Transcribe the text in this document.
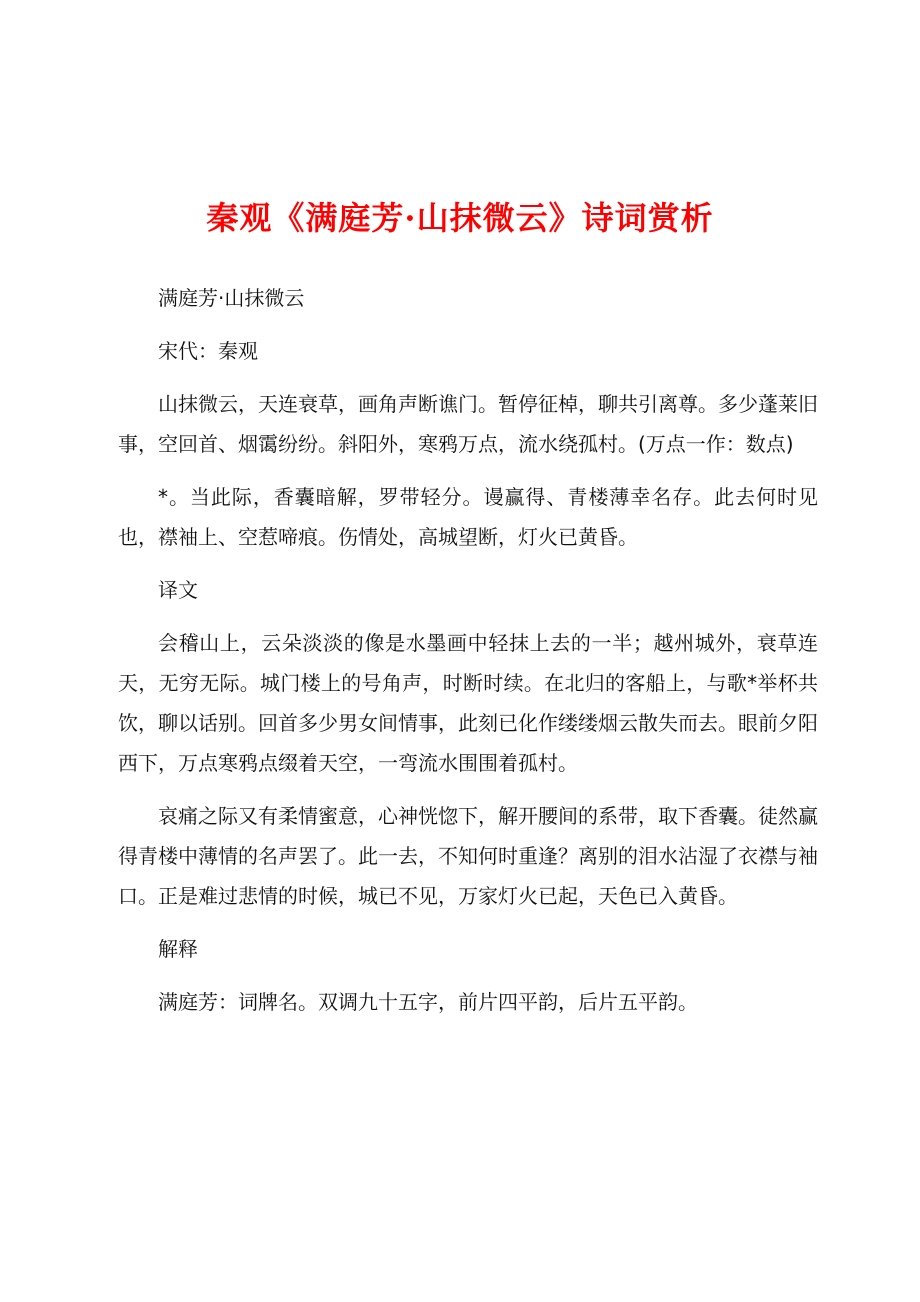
秦观《满庭芳·山抹微云》诗词赏析

满庭芳·山抹微云

宋代：秦观

山抹微云，天连衰草，画角声断谯门。暂停征棹，聊共引离尊。多少蓬莱旧事，空回首、烟霭纷纷。斜阳外，寒鸦万点，流水绕孤村。(万点一作：数点)

*。当此际，香囊暗解，罗带轻分。谩赢得、青楼薄幸名存。此去何时见也，襟袖上、空惹啼痕。伤情处，高城望断，灯火已黄昏。

译文

会稽山上，云朵淡淡的像是水墨画中轻抹上去的一半；越州城外，衰草连天，无穷无际。城门楼上的号角声，时断时续。在北归的客船上，与歌*举杯共饮，聊以话别。回首多少男女间情事，此刻已化作缕缕烟云散失而去。眼前夕阳西下，万点寒鸦点缀着天空，一弯流水围围着孤村。

哀痛之际又有柔情蜜意，心神恍惚下，解开腰间的系带，取下香囊。徒然赢得青楼中薄情的名声罢了。此一去，不知何时重逢？离别的泪水沾湿了衣襟与袖口。正是难过悲情的时候，城已不见，万家灯火已起，天色已入黄昏。

解释

满庭芳：词牌名。双调九十五字，前片四平韵，后片五平韵。
